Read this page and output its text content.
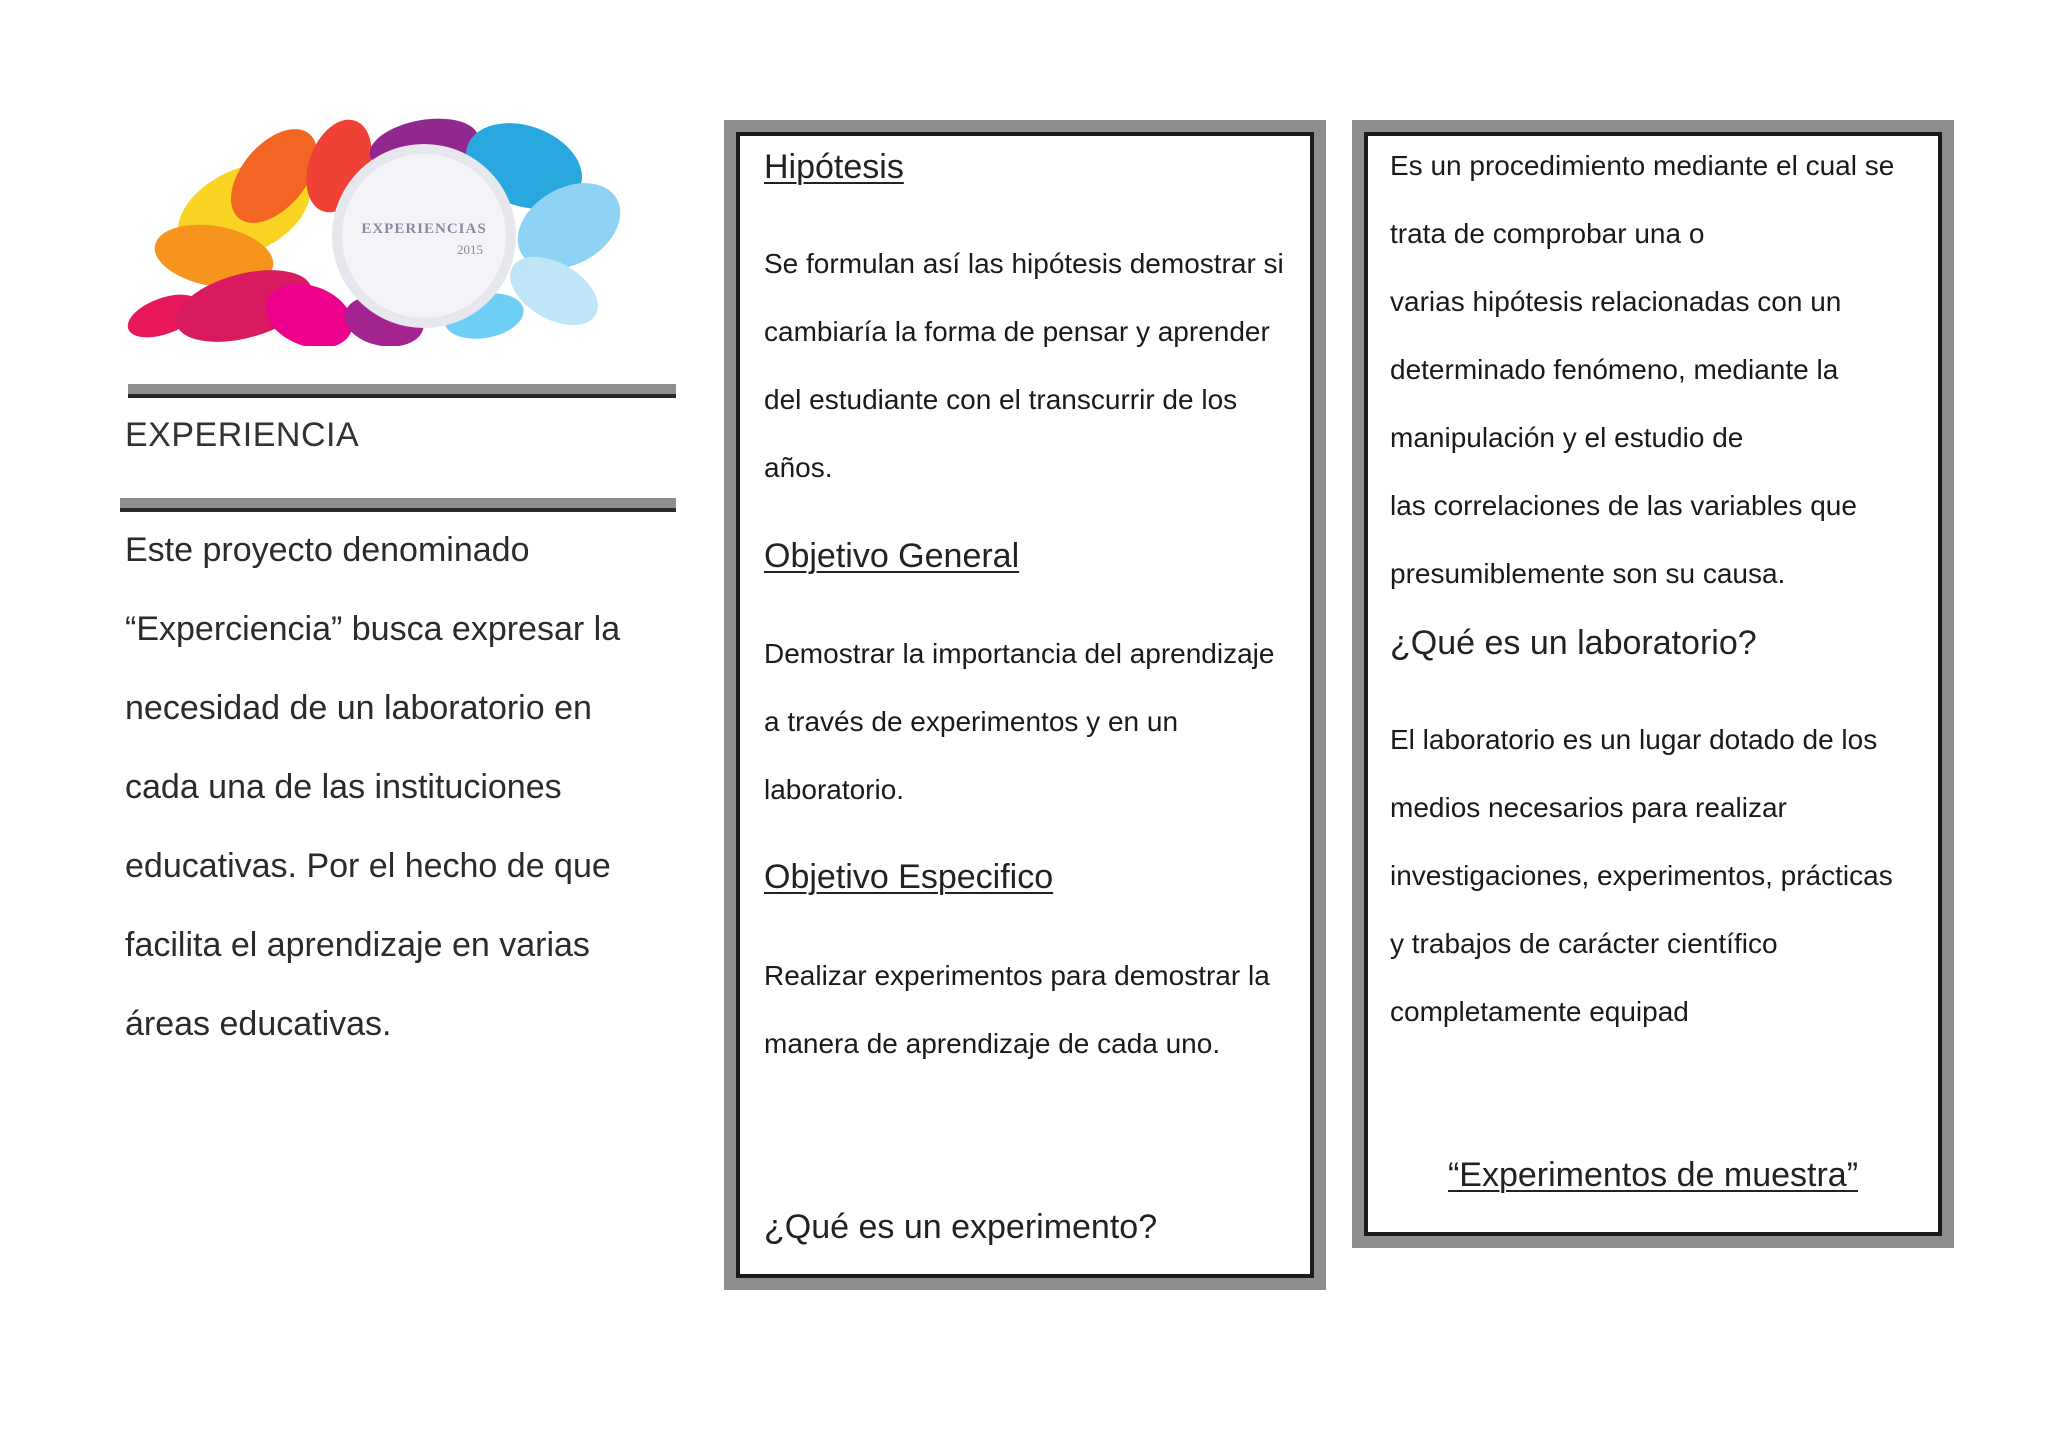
EXPERIENCIAS
2015
EXPERIENCIA
Este proyecto denominado
“Experciencia” busca expresar la
necesidad de un laboratorio en
cada una de las instituciones
educativas. Por el hecho de que
facilita el aprendizaje en varias
áreas educativas.
Hipótesis
Se formulan así las hipótesis demostrar si
cambiaría la forma de pensar y aprender
del estudiante con el transcurrir de los
años.
Objetivo General
Demostrar la importancia del aprendizaje
a través de experimentos y en un
laboratorio.
Objetivo Especifico
Realizar experimentos para demostrar la
manera de aprendizaje de cada uno.
¿Qué es un experimento?
Es un procedimiento mediante el cual se
trata de comprobar una o
varias hipótesis relacionadas con un
determinado fenómeno, mediante la
manipulación y el estudio de
las correlaciones de las variables que
presumiblemente son su causa.
¿Qué es un laboratorio?
El laboratorio es un lugar dotado de los
medios necesarios para realizar
investigaciones, experimentos, prácticas
y trabajos de carácter científico
completamente equipad
“Experimentos de muestra”
